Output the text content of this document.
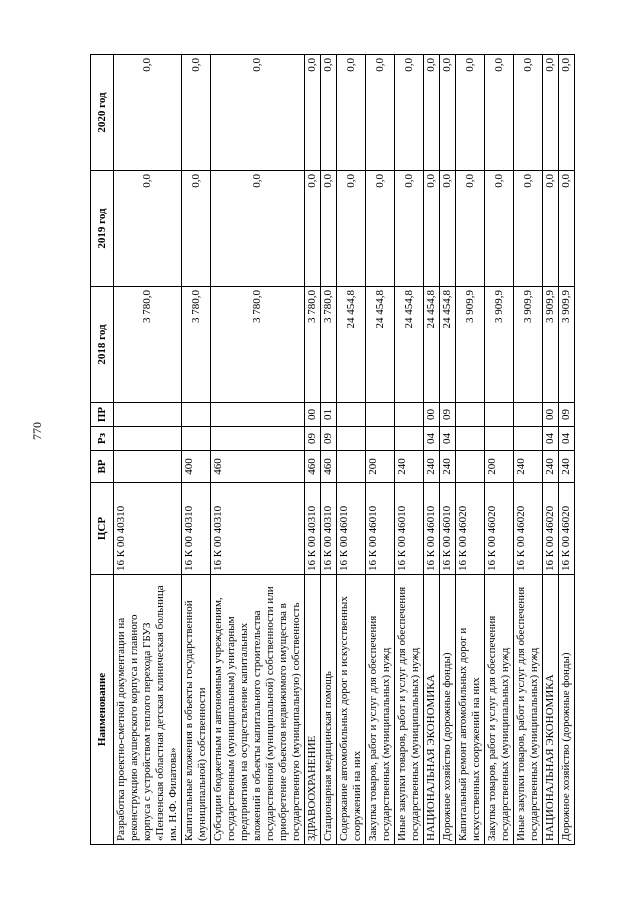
770
Наименование	ЦСР	ВР	Рз	ПР	2018 год	2019 год	2020 год
Разработка проектно-сметной документации на реконструкцию акушерского корпуса и главного корпуса с устройством теплого перехода ГБУЗ «Пензенская областная детская клиническая больница им. Н.Ф. Филатова»	16 К 00 40310				3 780,0	0,0	0,0
Капитальные вложения в объекты государственной (муниципальной) собственности	16 К 00 40310	400			3 780,0	0,0	0,0
Субсидии бюджетным и автономным учреждениям, государственным (муниципальным) унитарным предприятиям на осуществление капитальных вложений в объекты капитального строительства государственной (муниципальной) собственности или приобретение объектов недвижимого имущества в государственную (муниципальную) собственность	16 К 00 40310	460			3 780,0	0,0	0,0
ЗДРАВООХРАНЕНИЕ	16 К 00 40310	460	09	00	3 780,0	0,0	0,0
Стационарная медицинская помощь	16 К 00 40310	460	09	01	3 780,0	0,0	0,0
Содержание автомобильных дорог и искусственных сооружений на них	16 К 00 46010				24 454,8	0,0	0,0
Закупка товаров, работ и услуг для обеспечения государственных (муниципальных) нужд	16 К 00 46010	200			24 454,8	0,0	0,0
Иные закупки товаров, работ и услуг для обеспечения государственных (муниципальных) нужд	16 К 00 46010	240			24 454,8	0,0	0,0
НАЦИОНАЛЬНАЯ ЭКОНОМИКА	16 К 00 46010	240	04	00	24 454,8	0,0	0,0
Дорожное хозяйство (дорожные фонды)	16 К 00 46010	240	04	09	24 454,8	0,0	0,0
Капитальный ремонт автомобильных дорог и искусственных сооружений на них	16 К 00 46020				3 909,9	0,0	0,0
Закупка товаров, работ и услуг для обеспечения государственных (муниципальных) нужд	16 К 00 46020	200			3 909,9	0,0	0,0
Иные закупки товаров, работ и услуг для обеспечения государственных (муниципальных) нужд	16 К 00 46020	240			3 909,9	0,0	0,0
НАЦИОНАЛЬНАЯ ЭКОНОМИКА	16 К 00 46020	240	04	00	3 909,9	0,0	0,0
Дорожное хозяйство (дорожные фонды)	16 К 00 46020	240	04	09	3 909,9	0,0	0,0
